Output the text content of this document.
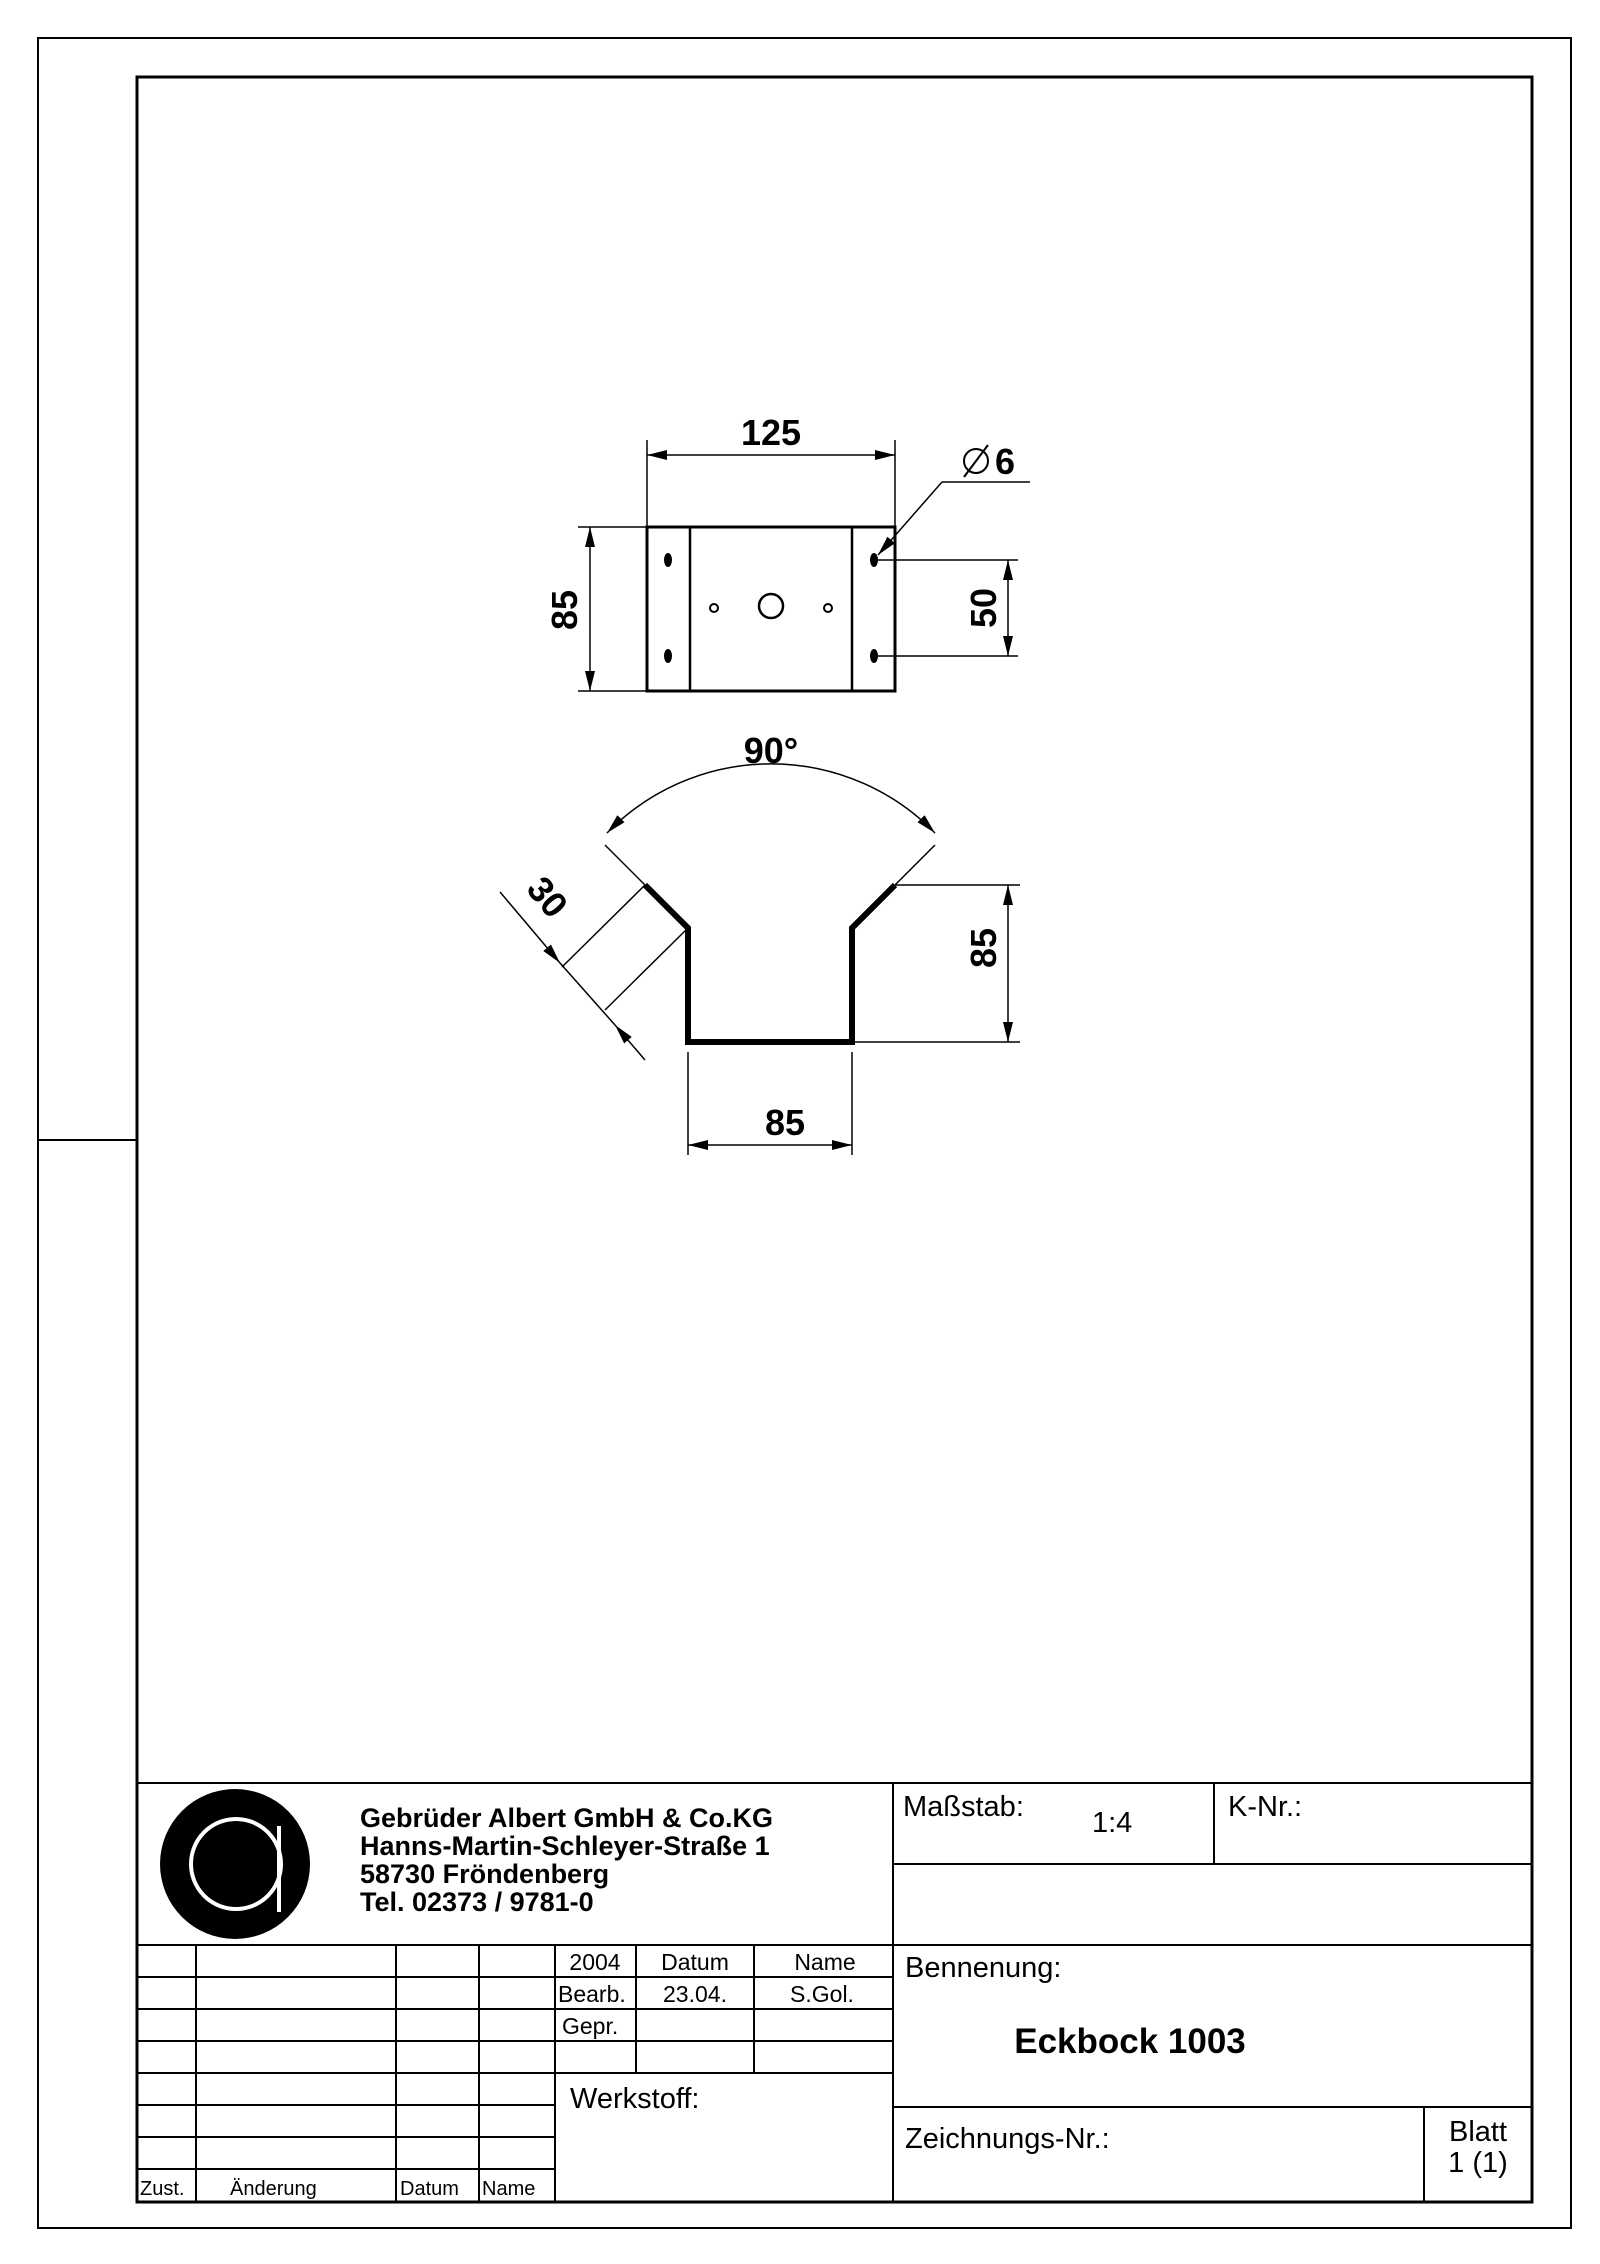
125
85	50
6
90°
30
85
85
Gebrüder Albert GmbH & Co.KG
Hanns-Martin-Schleyer-Straße 1
58730 Fröndenberg
Tel. 02373 / 9781-0
Maßstab: 1:4	K-Nr.:
Bennenung:
Eckbock 1003
Zeichnungs-Nr.:	Blatt
1 (1)
2004 Datum	Name
Bearb. 23.04.	S.Gol.
Gepr.
Werkstoff:
Zust. Änderung	Datum Name
